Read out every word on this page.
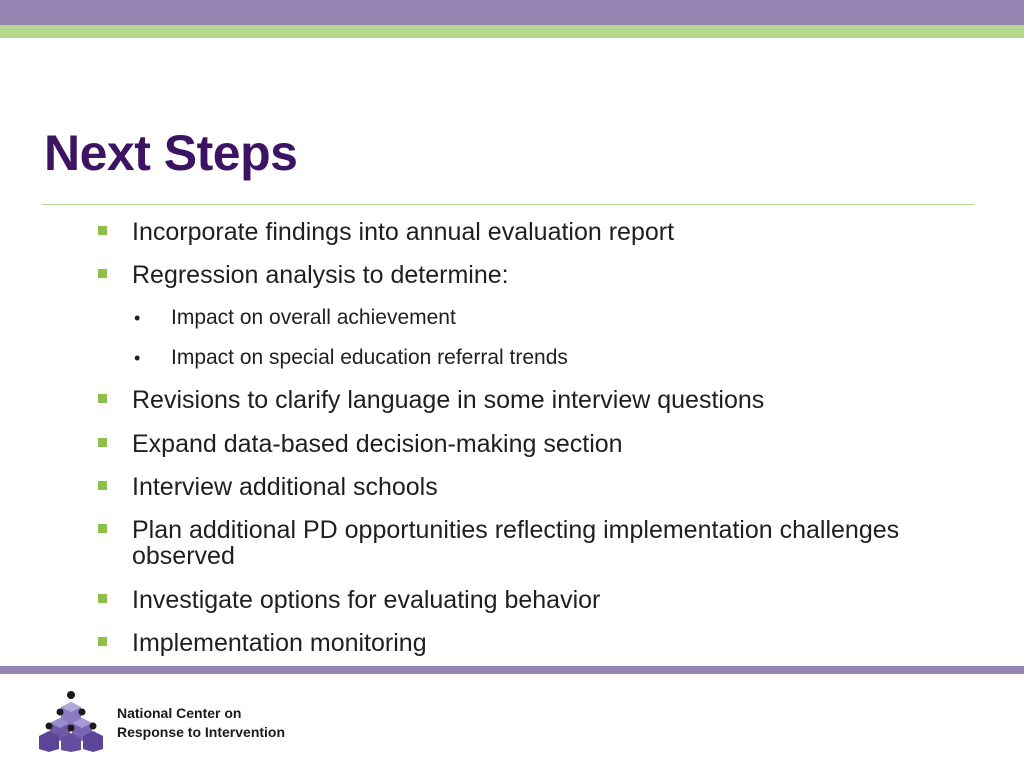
Next Steps
Incorporate findings into annual evaluation report
Regression analysis to determine:
• Impact on overall achievement
• Impact on special education referral trends
Revisions to clarify language in some interview questions
Expand data-based decision-making section
Interview additional schools
Plan additional PD opportunities reflecting implementation challenges observed
Investigate options for evaluating behavior
Implementation monitoring
National Center on
Response to Intervention
